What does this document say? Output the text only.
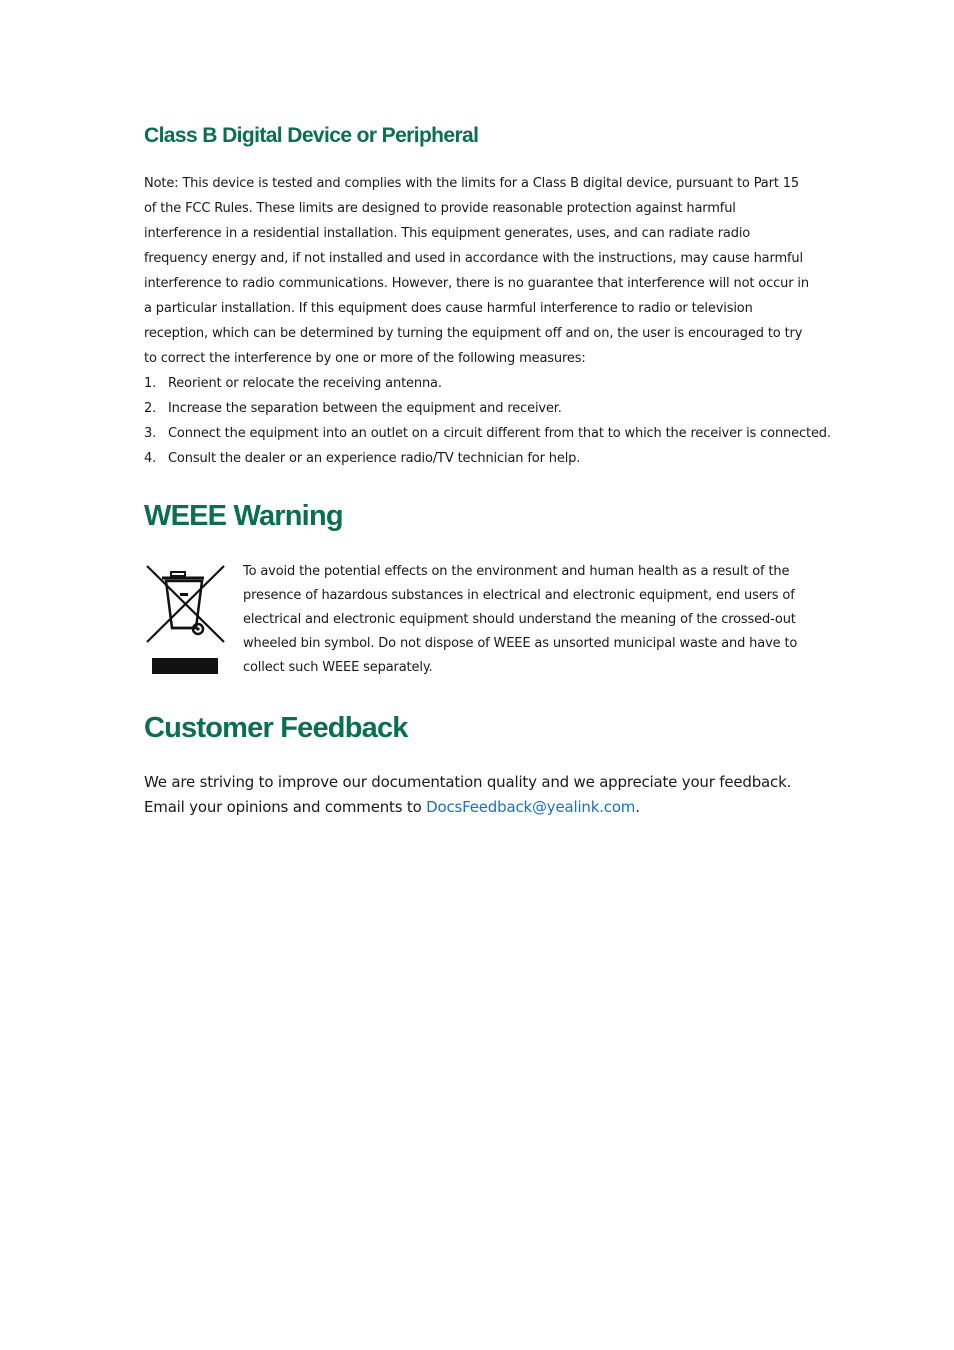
Class B Digital Device or Peripheral

Note: This device is tested and complies with the limits for a Class B digital device, pursuant to Part 15 of the FCC Rules. These limits are designed to provide reasonable protection against harmful interference in a residential installation. This equipment generates, uses, and can radiate radio frequency energy and, if not installed and used in accordance with the instructions, may cause harmful interference to radio communications. However, there is no guarantee that interference will not occur in a particular installation. If this equipment does cause harmful interference to radio or television reception, which can be determined by turning the equipment off and on, the user is encouraged to try to correct the interference by one or more of the following measures:

1. Reorient or relocate the receiving antenna.
2. Increase the separation between the equipment and receiver.
3. Connect the equipment into an outlet on a circuit different from that to which the receiver is connected.
4. Consult the dealer or an experience radio/TV technician for help.
WEEE Warning

To avoid the potential effects on the environment and human health as a result of the presence of hazardous substances in electrical and electronic equipment, end users of electrical and electronic equipment should understand the meaning of the crossed-out wheeled bin symbol. Do not dispose of WEEE as unsorted municipal waste and have to collect such WEEE separately.

Customer Feedback

We are striving to improve our documentation quality and we appreciate your feedback. Email your opinions and comments to DocsFeedback@yealink.com.
